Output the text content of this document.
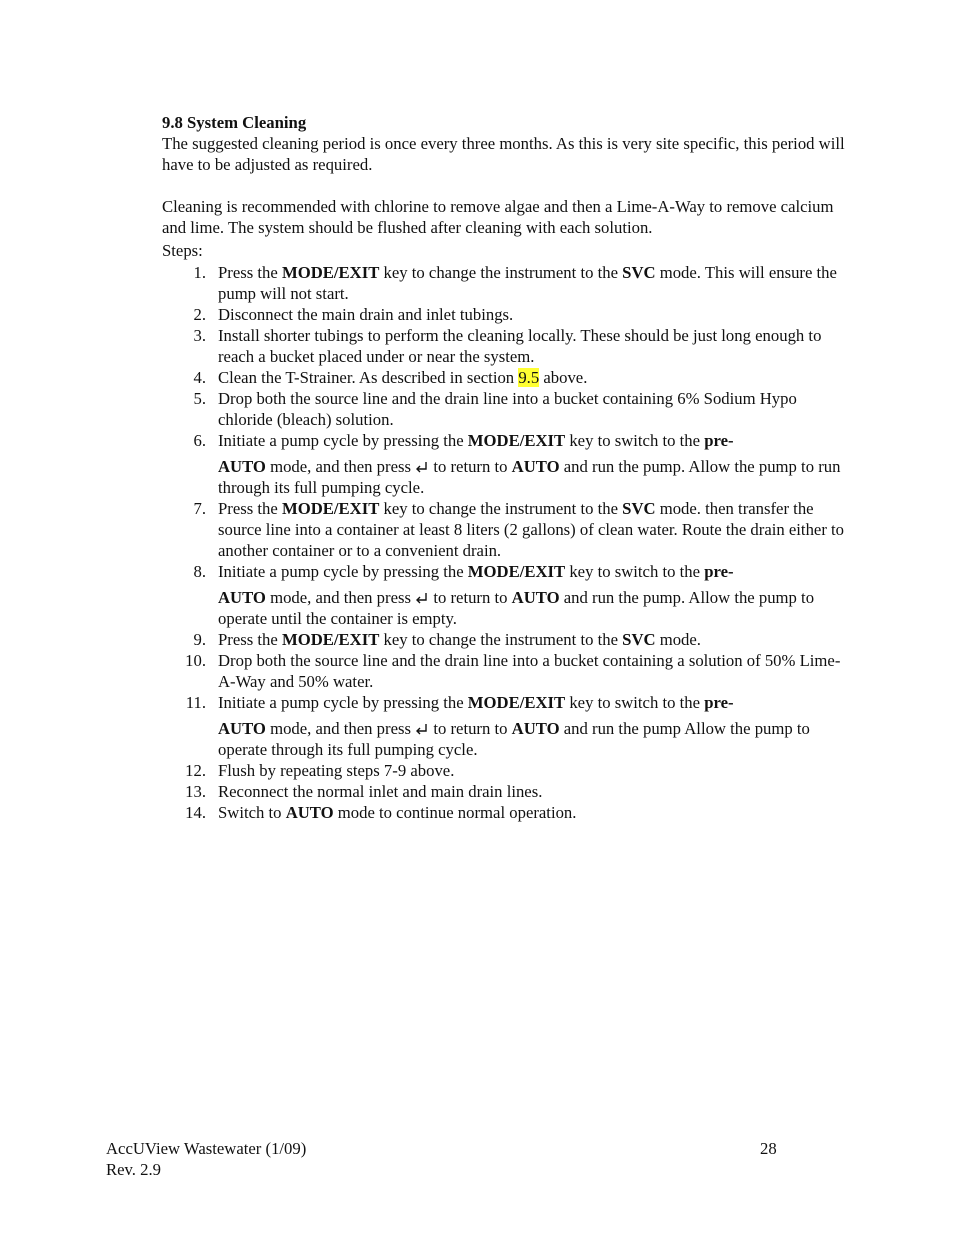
9.8 System Cleaning

The suggested cleaning period is once every three months. As this is very site specific, this period will have to be adjusted as required.

Cleaning is recommended with chlorine to remove algae and then a Lime-A-Way to remove calcium and lime. The system should be flushed after cleaning with each solution.

Steps:

1. Press the MODE/EXIT key to change the instrument to the SVC mode. This will ensure the pump will not start.
2. Disconnect the main drain and inlet tubings.
3. Install shorter tubings to perform the cleaning locally. These should be just long enough to reach a bucket placed under or near the system.
4. Clean the T-Strainer. As described in section 9.5 above.
5. Drop both the source line and the drain line into a bucket containing 6% Sodium Hypo chloride (bleach) solution.
6. Initiate a pump cycle by pressing the MODE/EXIT key to switch to the pre-
AUTO mode, and then press
to return to AUTO and run the pump. Allow the pump to run through its full pumping cycle.
7. Press the MODE/EXIT key to change the instrument to the SVC mode. then transfer the source line into a container at least 8 liters (2 gallons) of clean water. Route the drain either to another container or to a convenient drain.
8. Initiate a pump cycle by pressing the MODE/EXIT key to switch to the pre-
AUTO mode, and then press
to return to AUTO and run the pump. Allow the pump to operate until the container is empty.
9. Press the MODE/EXIT key to change the instrument to the SVC mode.
10. Drop both the source line and the drain line into a bucket containing a solution of 50% Lime-A-Way and 50% water.
11. Initiate a pump cycle by pressing the MODE/EXIT key to switch to the pre-
AUTO mode, and then press
to return to AUTO and run the pump Allow the pump to operate through its full pumping cycle.
12. Flush by repeating steps 7-9 above.
13. Reconnect the normal inlet and main drain lines.
14. Switch to AUTO mode to continue normal operation.
AccUView Wastewater (1/09)
Rev. 2.9
28
